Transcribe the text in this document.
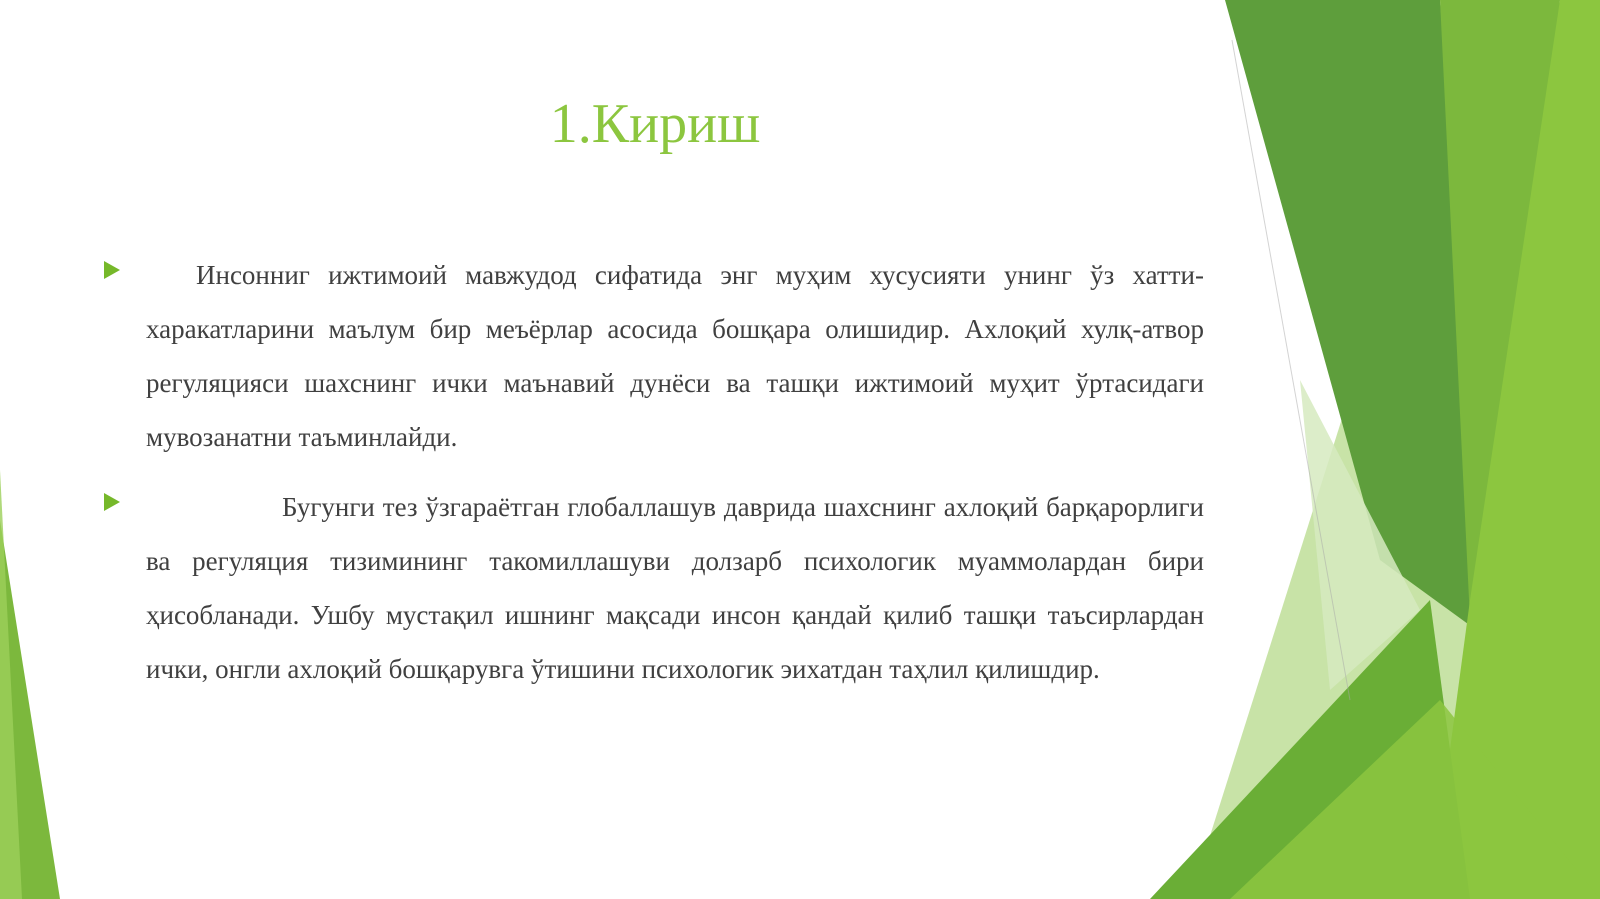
1.Кириш

Инсонниг ижтимоий мавжудод сифатида энг муҳим хусусияти унинг ўз хатти-харакатларини маълум бир меъёрлар асосида бошқара олишидир. Ахлоқий хулқ-атвор регуляцияси шахснинг ички маънавий дунёси ва ташқи ижтимоий муҳит ўртасидаги мувозанатни таъминлайди.

Бугунги тез ўзгараётган глобаллашув даврида шахснинг ахлоқий барқарорлиги ва регуляция тизимининг такомиллашуви долзарб психологик муаммолардан бири ҳисобланади. Ушбу мустақил ишнинг мақсади инсон қандай қилиб ташқи таъсирлардан ички, онгли ахлоқий бошқарувга ўтишини психологик эихатдан таҳлил қилишдир.
